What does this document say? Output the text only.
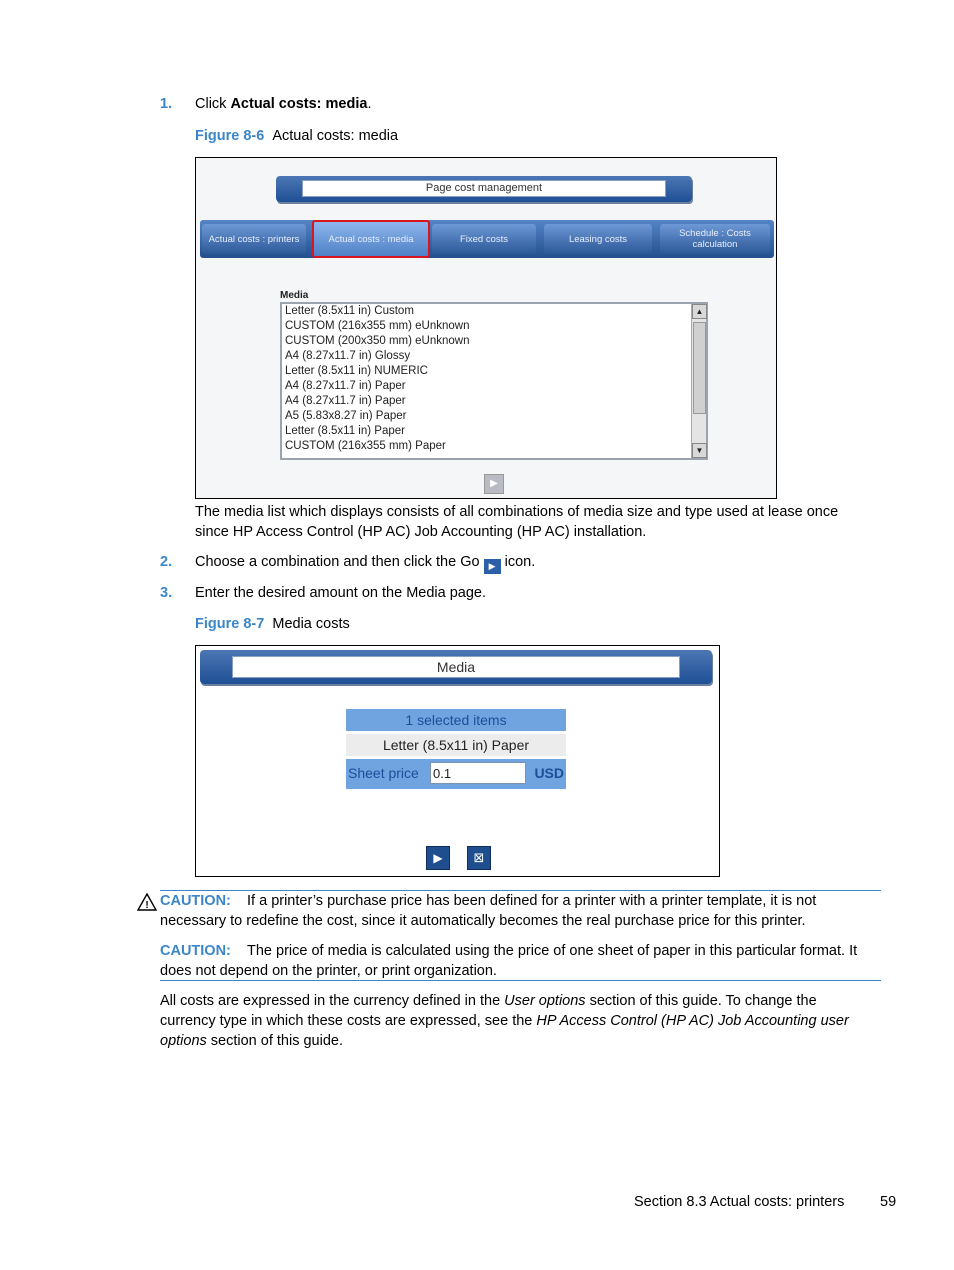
1. Click Actual costs: media.
Figure 8-6 Actual costs: media
Page cost management
Actual costs : printers	Actual costs : media	Fixed costs	Leasing costs	Schedule : Costs calculation
Media
▲
▼
Letter (8.5x11 in) Custom
CUSTOM (216x355 mm) eUnknown
CUSTOM (200x350 mm) eUnknown
A4 (8.27x11.7 in) Glossy
Letter (8.5x11 in) NUMERIC
A4 (8.27x11.7 in) Paper
A4 (8.27x11.7 in) Paper
A5 (5.83x8.27 in) Paper
Letter (8.5x11 in) Paper
CUSTOM (216x355 mm) Paper
▶
The media list which displays consists of all combinations of media size and type used at lease once since HP Access Control (HP AC) Job Accounting (HP AC) installation.
2. Choose a combination and then click the Go ▶ icon.
3. Enter the desired amount on the Media page.
Figure 8-7 Media costs
Media
1 selected items
Letter (8.5x11 in) Paper
Sheet price 0.1	USD
▶	⊠
! CAUTION: If a printer’s purchase price has been defined for a printer with a printer template, it is not necessary to redefine the cost, since it automatically becomes the real purchase price for this printer.
CAUTION: The price of media is calculated using the price of one sheet of paper in this particular format. It does not depend on the printer, or print organization.
All costs are expressed in the currency defined in the User options section of this guide. To change the currency type in which these costs are expressed, see the HP Access Control (HP AC) Job Accounting user options section of this guide.
Section 8.3 Actual costs: printers 59
